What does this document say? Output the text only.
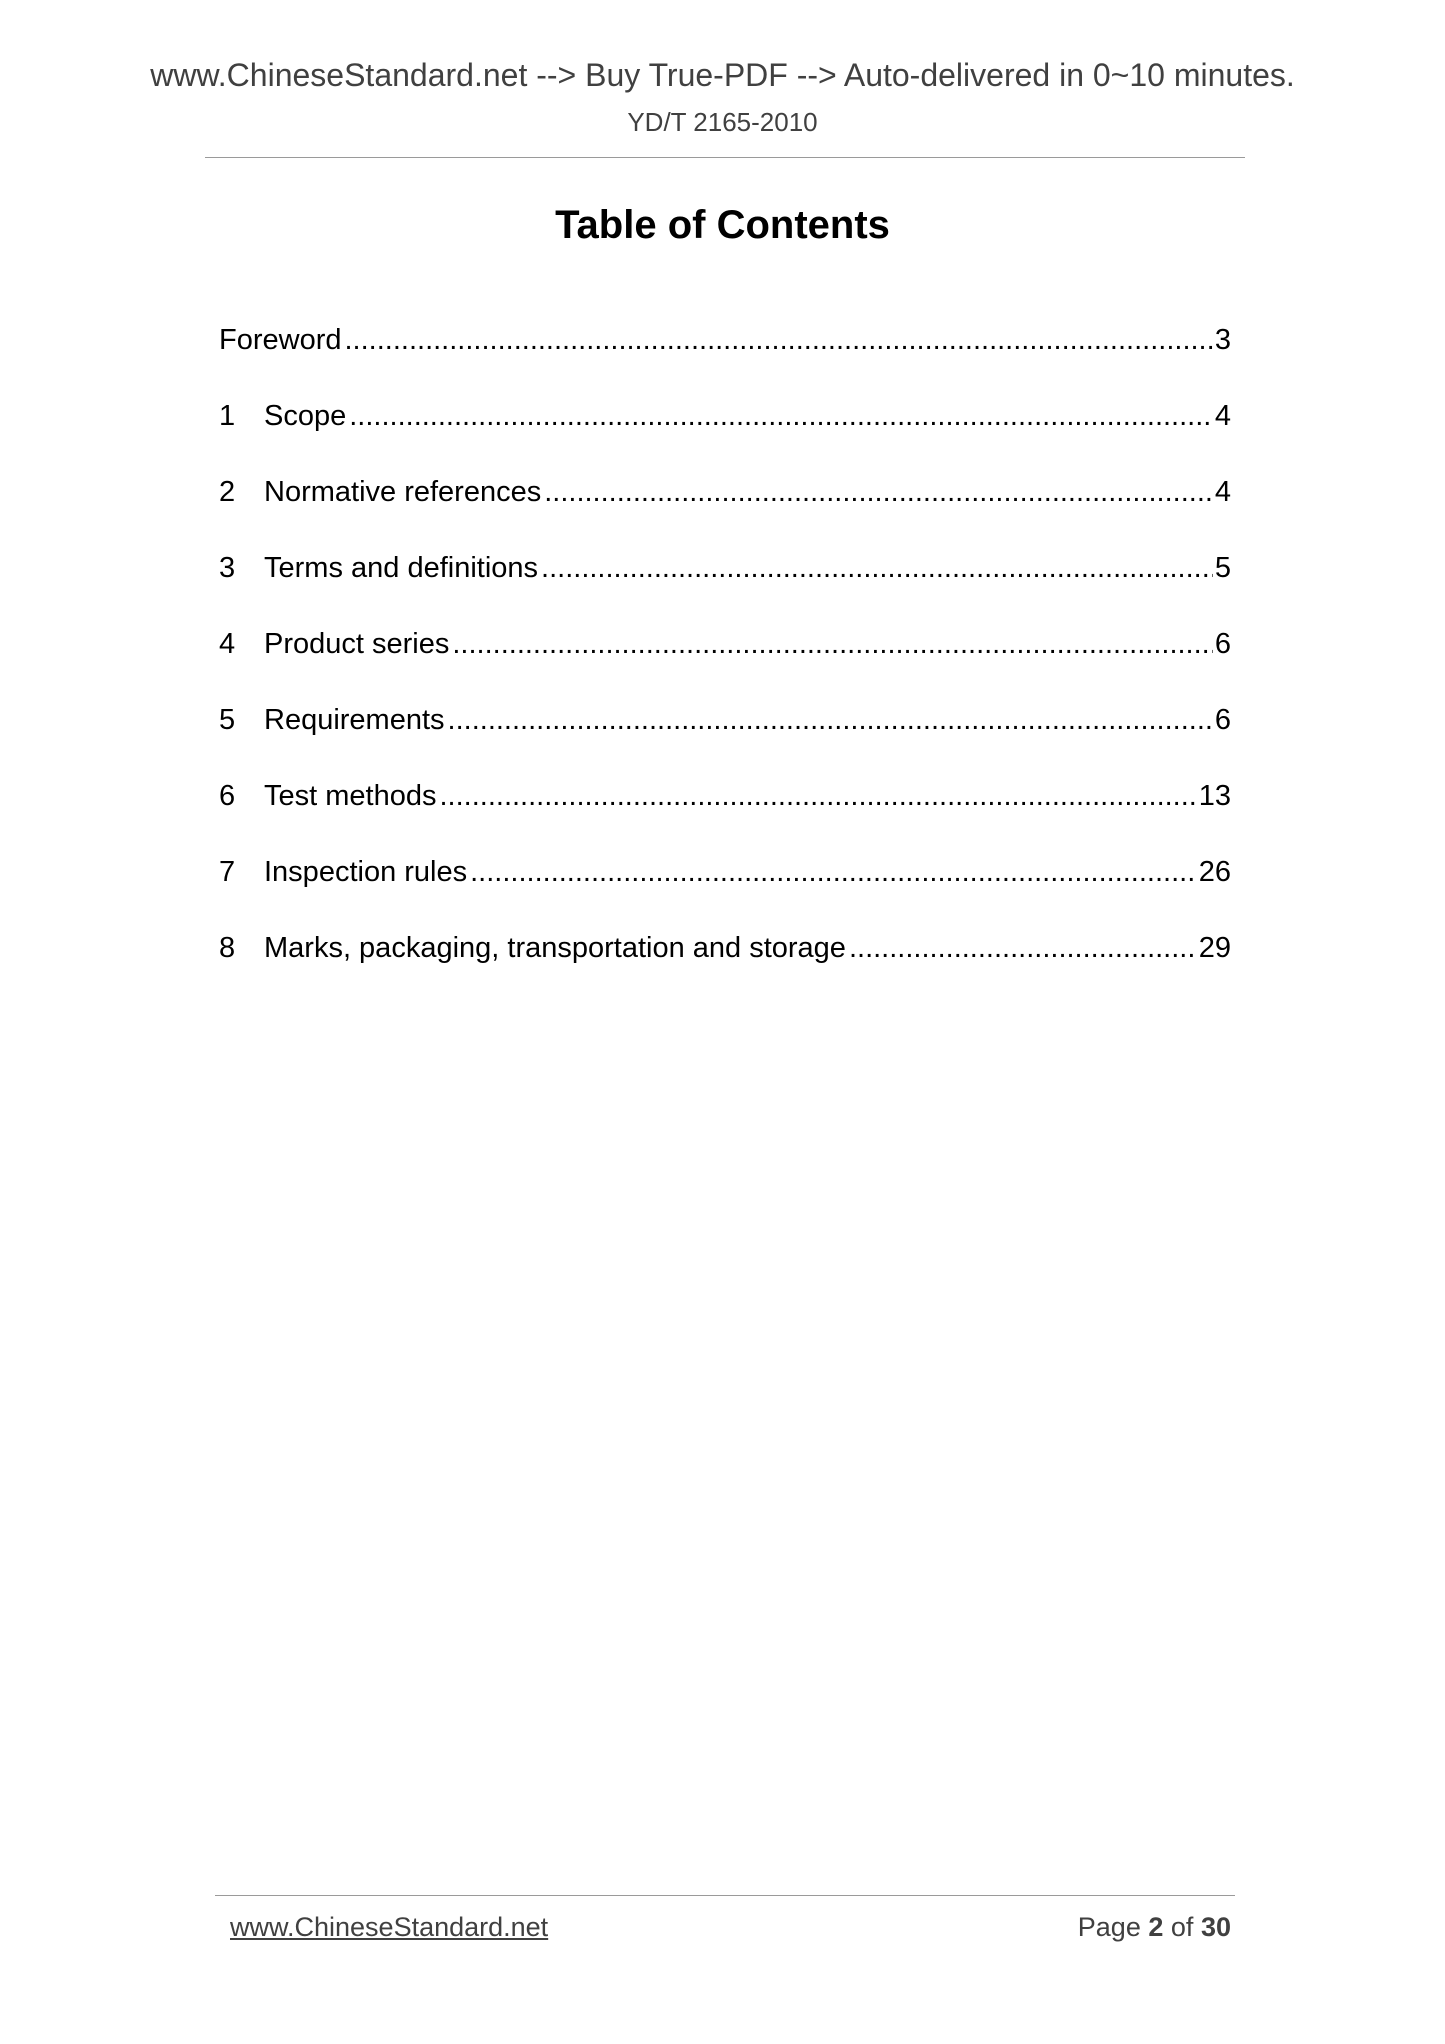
www.ChineseStandard.net --> Buy True-PDF --> Auto-delivered in 0~10 minutes.
YD/T 2165-2010
Table of Contents
Foreword .....	3
1 Scope .....	4
2 Normative references .....	4
3 Terms and definitions .....	5
4 Product series .....	6
5 Requirements .....	6
6 Test methods .....	13
7 Inspection rules .....	26
8 Marks, packaging, transportation and storage .....	29
www.ChineseStandard.net	Page 2 of 30
